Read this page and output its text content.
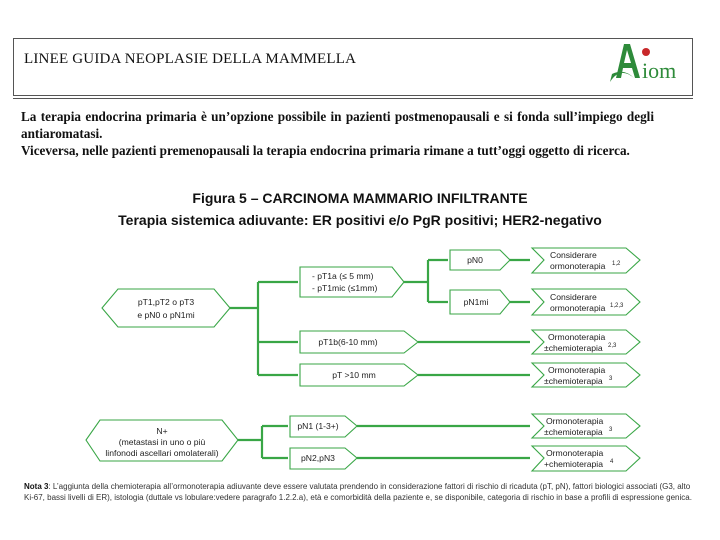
LINEE GUIDA NEOPLASIE DELLA MAMMELLA	iom

La terapia endocrina primaria è un’opzione possibile in pazienti postmenopausali e si fonda sull’impiego degli antiaromatasi.

Viceversa, nelle pazienti premenopausali la terapia endocrina primaria rimane a tutt’oggi oggetto di ricerca.

Figura 5 – CARCINOMA MAMMARIO INFILTRANTE
Terapia sistemica adiuvante: ER positivi e/o PgR positivi; HER2-negativo
pT1,pT2 o pT3
e pN0 o pN1mi
- pT1a (≤ 5 mm)
- pT1mic (≤1mm)
pN0
pN1mi
Considerare
ormonoterapia 1,2
Considerare
ormonoterapia 1,2,3
pT1b(6-10 mm)
pT >10 mm
Ormonoterapia
±chemioterapia 2,3
Ormonoterapia
±chemioterapia 3
N+
(metastasi in uno o più
linfonodi ascellari omolaterali)
pN1 (1-3+)
pN2,pN3
Ormonoterapia
±chemioterapia 3
Ormonoterapia
+chemioterapia 4
Nota 3: L’aggiunta della chemioterapia all’ormonoterapia adiuvante deve essere valutata prendendo in considerazione fattori di rischio di ricaduta (pT, pN), fattori biologici associati (G3, alto Ki-67, bassi livelli di ER), istologia (duttale vs lobulare:vedere paragrafo 1.2.2.a), età e comorbidità della paziente e, se disponibile, categoria di rischio in base a profili di espressione genica.
